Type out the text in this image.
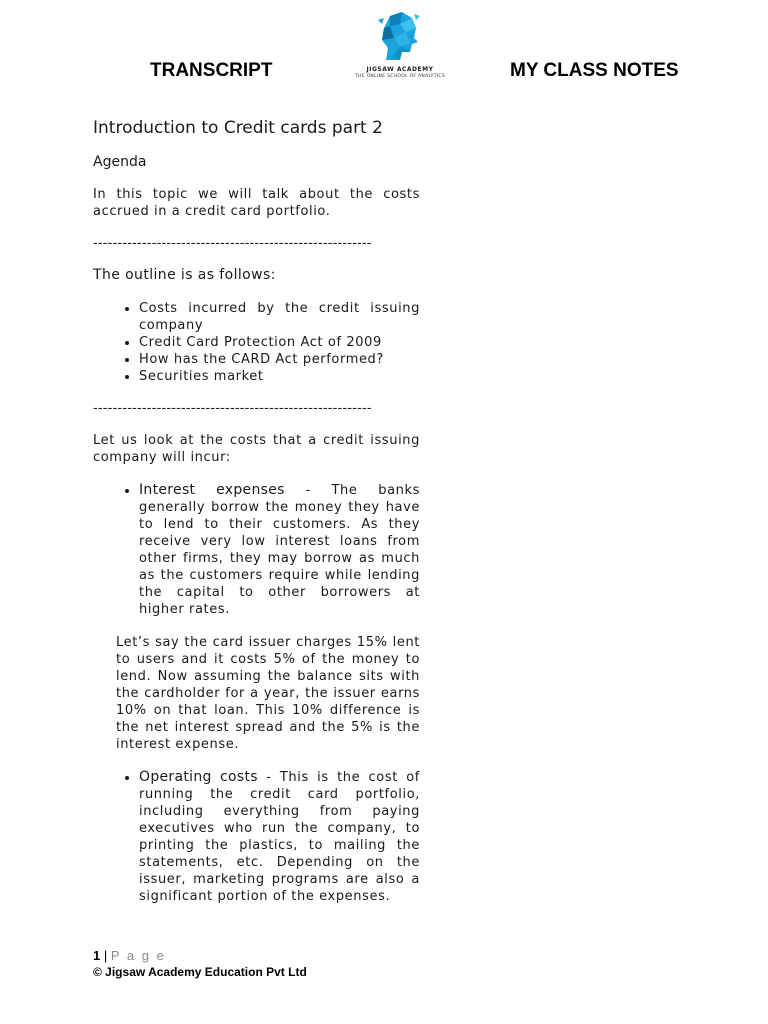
TRANSCRIPT	JIGSAW ACADEMY
THE ONLINE SCHOOL OF ANALYTICS	MY CLASS NOTES
Introduction to Credit cards part 2
Agenda

In this topic we will talk about the costs accrued in a credit card portfolio.

---------------------------------------------------------

The outline is as follows:

• Costs incurred by the credit issuing company
• Credit Card Protection Act of 2009
• How has the CARD Act performed?
• Securities market
---------------------------------------------------------

Let us look at the costs that a credit issuing company will incur:

• Interest expenses - The banks generally borrow the money they have to lend to their customers. As they receive very low interest loans from other firms, they may borrow as much as the customers require while lending the capital to other borrowers at higher rates.

Let’s say the card issuer charges 15% lent to users and it costs 5% of the money to lend. Now assuming the balance sits with the cardholder for a year, the issuer earns 10% on that loan. This 10% difference is the net interest spread and the 5% is the interest expense.

• Operating costs - This is the cost of running the credit card portfolio, including everything from paying executives who run the company, to printing the plastics, to mailing the statements, etc. Depending on the issuer, marketing programs are also a significant portion of the expenses.
1 | P a g e
© Jigsaw Academy Education Pvt Ltd
